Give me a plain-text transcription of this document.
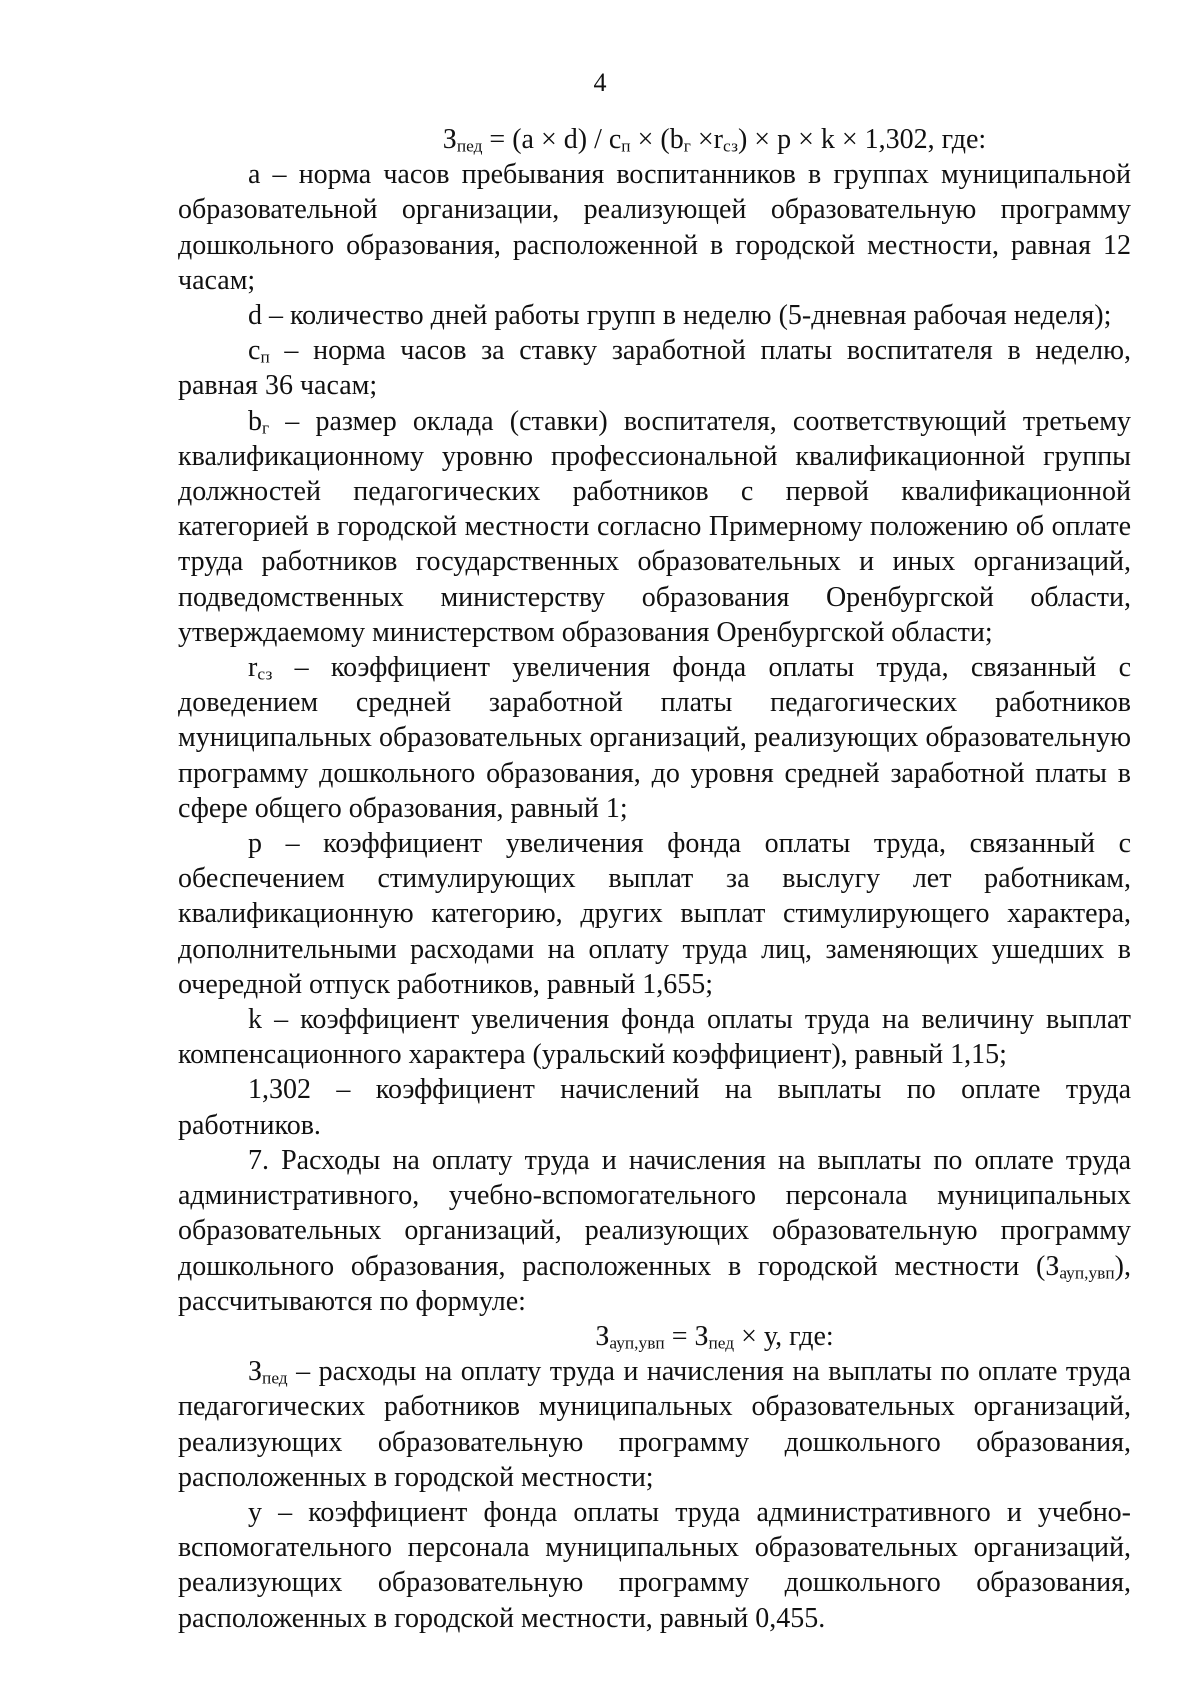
4
$З_{пед} = (a \times d) / c_п \times (b_г \times r_{сз}) \times p \times k \times 1,302$, где:

а – норма часов пребывания воспитанников в группах муниципальной образовательной организации, реализующей образовательную программу дошкольного образования, расположенной в городской местности, равная 12 часам;

d – количество дней работы групп в неделю (5-дневная рабочая неделя);

$с_п$ – норма часов за ставку заработной платы воспитателя в неделю, равная 36 часам;

$b_г$ – размер оклада (ставки) воспитателя, соответствующий третьему квалификационному уровню профессиональной квалификационной группы должностей педагогических работников с первой квалификационной категорией в городской местности согласно Примерному положению об оплате труда работников государственных образовательных и иных организаций, подведомственных министерству образования Оренбургской области, утверждаемому министерством образования Оренбургской области;

$r_{сз}$ – коэффициент увеличения фонда оплаты труда, связанный с доведением средней заработной платы педагогических работников муниципальных образовательных организаций, реализующих образовательную программу дошкольного образования, до уровня средней заработной платы в сфере общего образования, равный 1;

p – коэффициент увеличения фонда оплаты труда, связанный с обеспечением стимулирующих выплат за выслугу лет работникам, квалификационную категорию, других выплат стимулирующего характера, дополнительными расходами на оплату труда лиц, заменяющих ушедших в очередной отпуск работников, равный 1,655;

k – коэффициент увеличения фонда оплаты труда на величину выплат компенсационного характера (уральский коэффициент), равный 1,15;

1,302 – коэффициент начислений на выплаты по оплате труда работников.

7. Расходы на оплату труда и начисления на выплаты по оплате труда административного, учебно-вспомогательного персонала муниципальных образовательных организаций, реализующих образовательную программу дошкольного образования, расположенных в городской местности $(З_{ауп,увп})$, рассчитываются по формуле:

$З_{ауп,увп} = З_{пед} \times у$, где:

$З_{пед}$ – расходы на оплату труда и начисления на выплаты по оплате труда педагогических работников муниципальных образовательных организаций, реализующих образовательную программу дошкольного образования, расположенных в городской местности;

у – коэффициент фонда оплаты труда административного и учебно-вспомогательного персонала муниципальных образовательных организаций, реализующих образовательную программу дошкольного образования, расположенных в городской местности, равный 0,455.
